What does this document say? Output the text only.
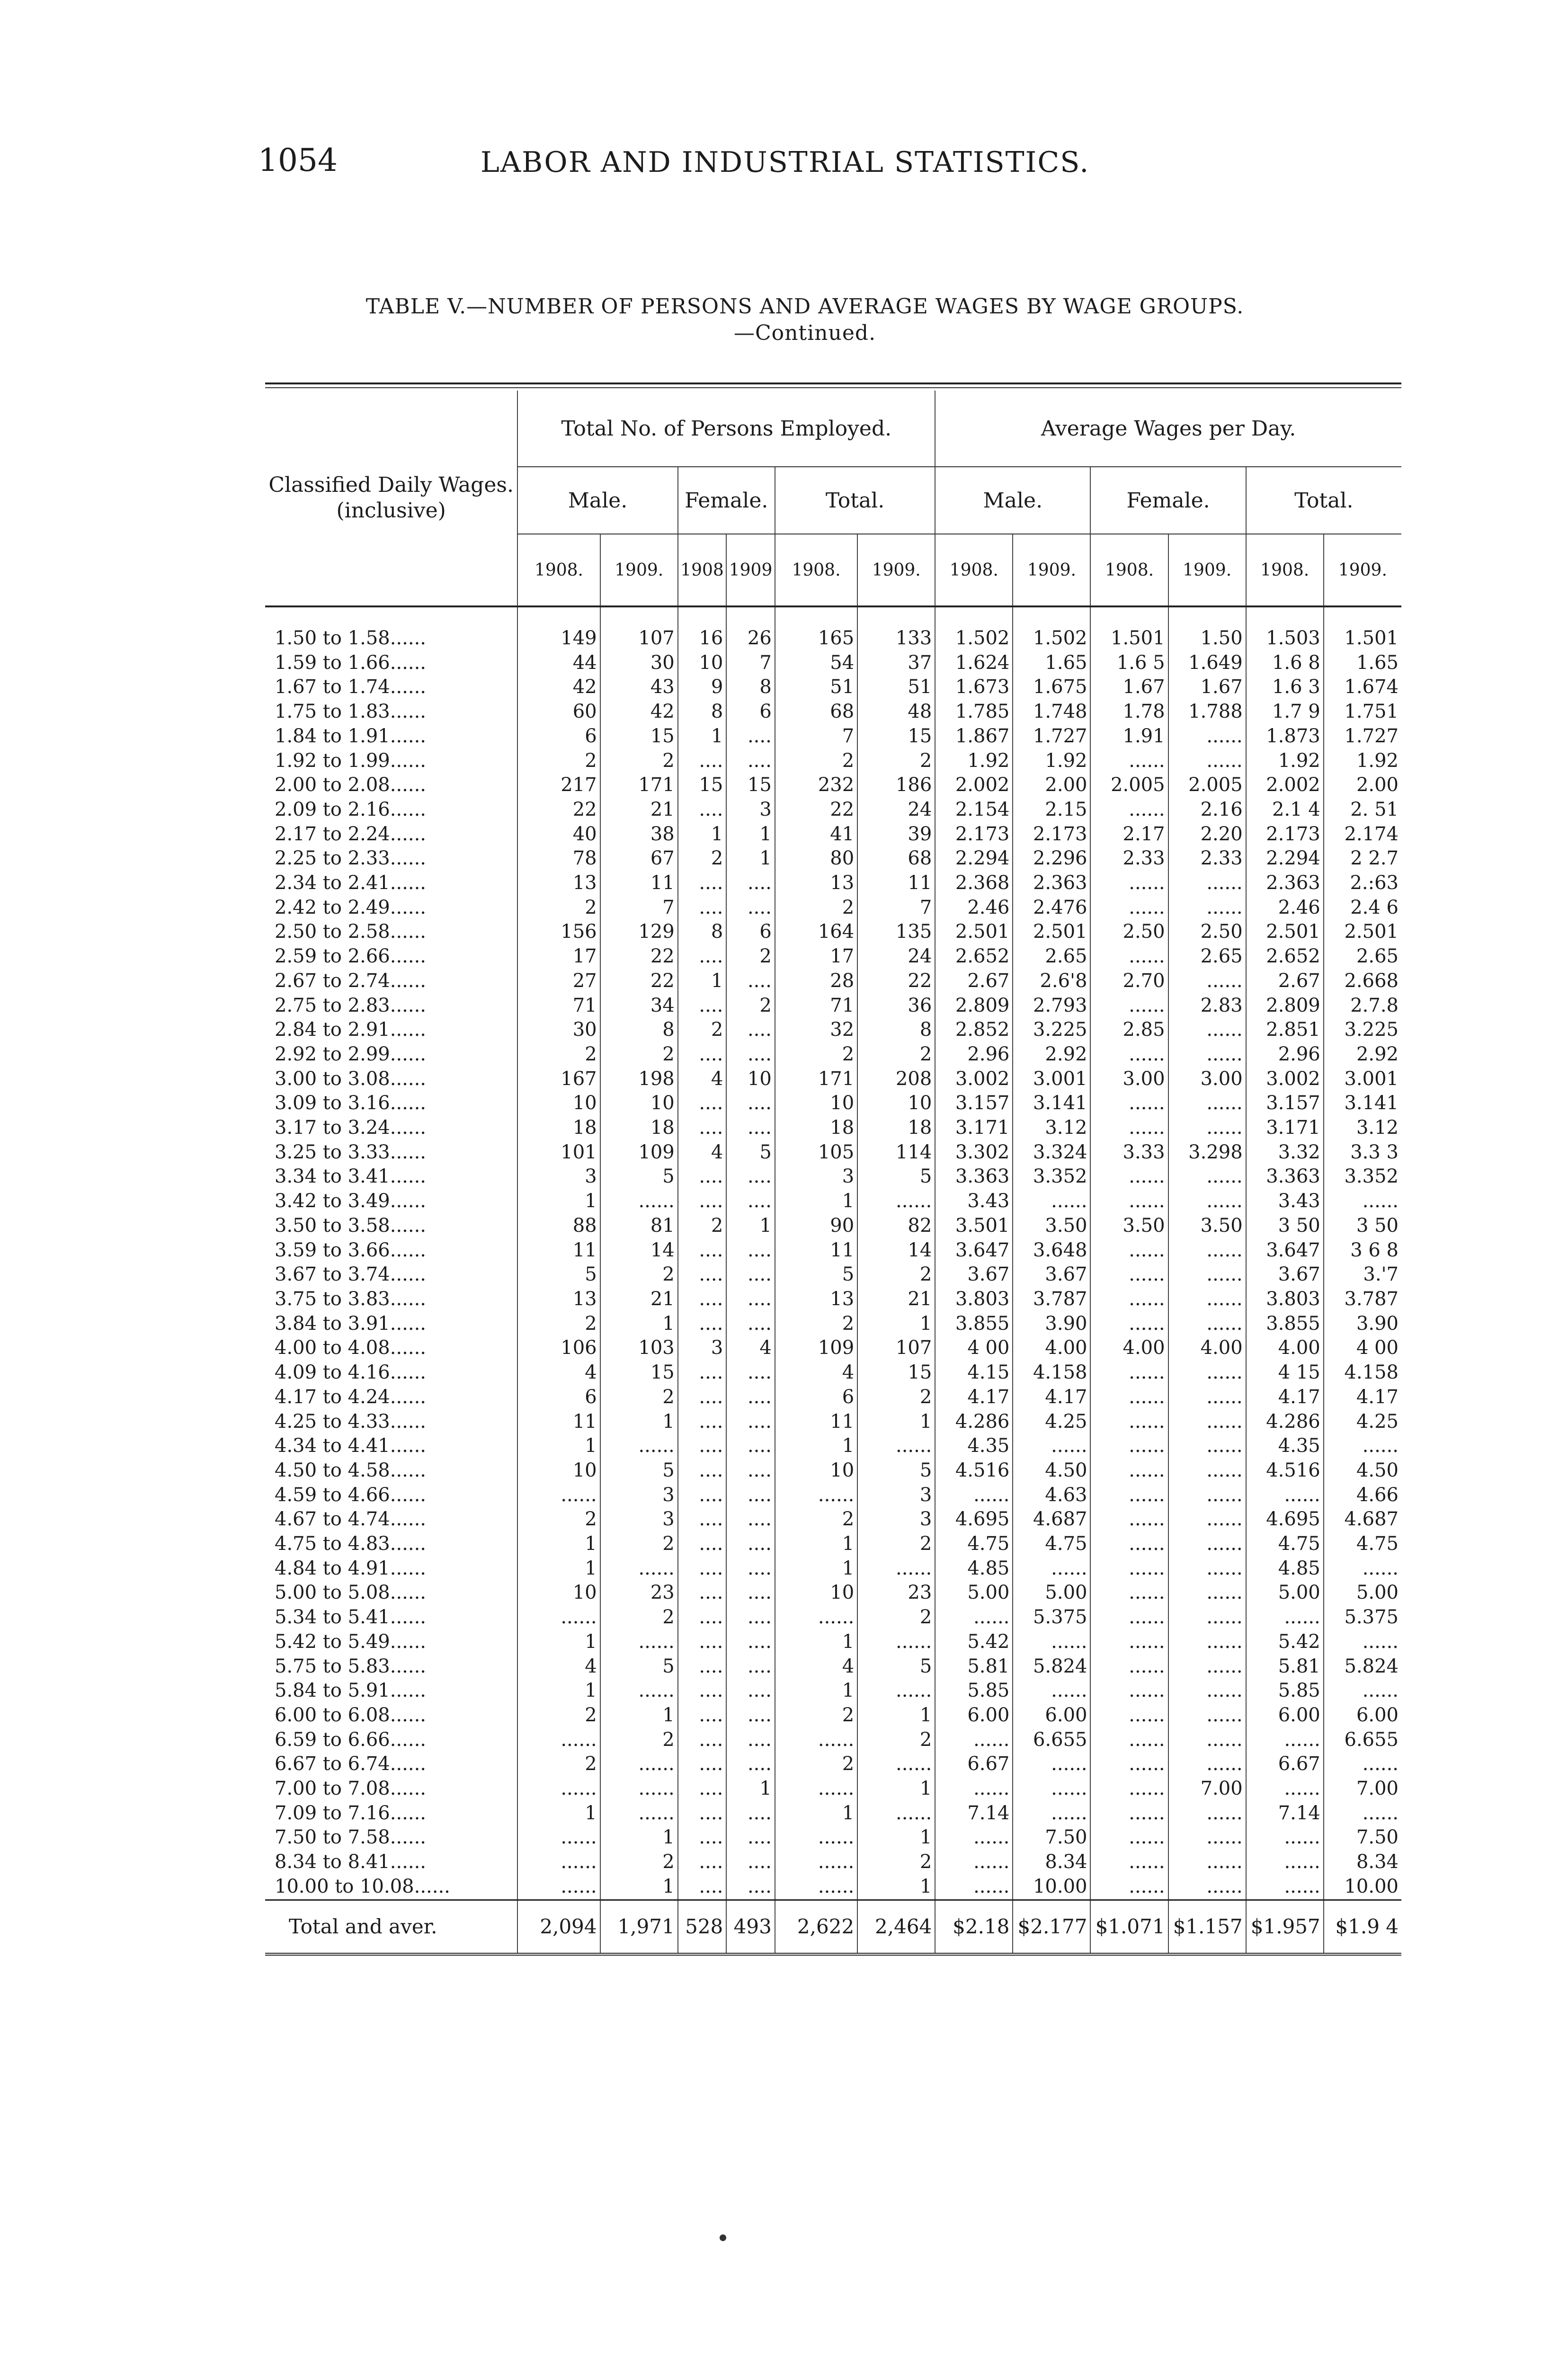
1054	LABOR AND INDUSTRIAL STATISTICS.
TABLE V.—NUMBER OF PERSONS AND AVERAGE WAGES BY WAGE GROUPS.
—Continued.
Classified Daily Wages. (inclusive)	Total No. of Persons Employed.						Average Wages per Day.					
	Male.		Female.		Total.		Male.		Female.		Total.	
	1908.	1909.	1908	1909	1908.	1909.	1908.	1909.	1908.	1909.	1908.	1909.
1.50 to 1.58......	149	107	16	26	165	133	1.502	1.502	1.501	1.50	1.503	1.501
1.59 to 1.66......	44	30	10	7	54	37	1.624	1.65	1.6 5	1.649	1.6 8	1.65
1.67 to 1.74......	42	43	9	8	51	51	1.673	1.675	1.67	1.67	1.6 3	1.674
1.75 to 1.83......	60	42	8	6	68	48	1.785	1.748	1.78	1.788	1.7 9	1.751
1.84 to 1.91......	6	15	1	....	7	15	1.867	1.727	1.91	......	1.873	1.727
1.92 to 1.99......	2	2	....	....	2	2	1.92	1.92	......	......	1.92	1.92
2.00 to 2.08......	217	171	15	15	232	186	2.002	2.00	2.005	2.005	2.002	2.00
2.09 to 2.16......	22	21	....	3	22	24	2.154	2.15	......	2.16	2.1 4	2. 51
2.17 to 2.24......	40	38	1	1	41	39	2.173	2.173	2.17	2.20	2.173	2.174
2.25 to 2.33......	78	67	2	1	80	68	2.294	2.296	2.33	2.33	2.294	2 2.7
2.34 to 2.41......	13	11	....	....	13	11	2.368	2.363	......	......	2.363	2.:63
2.42 to 2.49......	2	7	....	....	2	7	2.46	2.476	......	......	2.46	2.4 6
2.50 to 2.58......	156	129	8	6	164	135	2.501	2.501	2.50	2.50	2.501	2.501
2.59 to 2.66......	17	22	....	2	17	24	2.652	2.65	......	2.65	2.652	2.65
2.67 to 2.74......	27	22	1	....	28	22	2.67	2.6'8	2.70	......	2.67	2.668
2.75 to 2.83......	71	34	....	2	71	36	2.809	2.793	......	2.83	2.809	2.7.8
2.84 to 2.91......	30	8	2	....	32	8	2.852	3.225	2.85	......	2.851	3.225
2.92 to 2.99......	2	2	....	....	2	2	2.96	2.92	......	......	2.96	2.92
3.00 to 3.08......	167	198	4	10	171	208	3.002	3.001	3.00	3.00	3.002	3.001
3.09 to 3.16......	10	10	....	....	10	10	3.157	3.141	......	......	3.157	3.141
3.17 to 3.24......	18	18	....	....	18	18	3.171	3.12	......	......	3.171	3.12
3.25 to 3.33......	101	109	4	5	105	114	3.302	3.324	3.33	3.298	3.32	3.3 3
3.34 to 3.41......	3	5	....	....	3	5	3.363	3.352	......	......	3.363	3.352
3.42 to 3.49......	1	......	....	....	1	......	3.43	......	......	......	3.43	......
3.50 to 3.58......	88	81	2	1	90	82	3.501	3.50	3.50	3.50	3 50	3 50
3.59 to 3.66......	11	14	....	....	11	14	3.647	3.648	......	......	3.647	3 6 8
3.67 to 3.74......	5	2	....	....	5	2	3.67	3.67	......	......	3.67	3.'7
3.75 to 3.83......	13	21	....	....	13	21	3.803	3.787	......	......	3.803	3.787
3.84 to 3.91......	2	1	....	....	2	1	3.855	3.90	......	......	3.855	3.90
4.00 to 4.08......	106	103	3	4	109	107	4 00	4.00	4.00	4.00	4.00	4 00
4.09 to 4.16......	4	15	....	....	4	15	4.15	4.158	......	......	4 15	4.158
4.17 to 4.24......	6	2	....	....	6	2	4.17	4.17	......	......	4.17	4.17
4.25 to 4.33......	11	1	....	....	11	1	4.286	4.25	......	......	4.286	4.25
4.34 to 4.41......	1	......	....	....	1	......	4.35	......	......	......	4.35	......
4.50 to 4.58......	10	5	....	....	10	5	4.516	4.50	......	......	4.516	4.50
4.59 to 4.66......	......	3	....	....	......	3	......	4.63	......	......	......	4.66
4.67 to 4.74......	2	3	....	....	2	3	4.695	4.687	......	......	4.695	4.687
4.75 to 4.83......	1	2	....	....	1	2	4.75	4.75	......	......	4.75	4.75
4.84 to 4.91......	1	......	....	....	1	......	4.85	......	......	......	4.85	......
5.00 to 5.08......	10	23	....	....	10	23	5.00	5.00	......	......	5.00	5.00
5.34 to 5.41......	......	2	....	....	......	2	......	5.375	......	......	......	5.375
5.42 to 5.49......	1	......	....	....	1	......	5.42	......	......	......	5.42	......
5.75 to 5.83......	4	5	....	....	4	5	5.81	5.824	......	......	5.81	5.824
5.84 to 5.91......	1	......	....	....	1	......	5.85	......	......	......	5.85	......
6.00 to 6.08......	2	1	....	....	2	1	6.00	6.00	......	......	6.00	6.00
6.59 to 6.66......	......	2	....	....	......	2	......	6.655	......	......	......	6.655
6.67 to 6.74......	2	......	....	....	2	......	6.67	......	......	......	6.67	......
7.00 to 7.08......	......	......	....	1	......	1	......	......	......	7.00	......	7.00
7.09 to 7.16......	1	......	....	....	1	......	7.14	......	......	......	7.14	......
7.50 to 7.58......	......	1	....	....	......	1	......	7.50	......	......	......	7.50
8.34 to 8.41......	......	2	....	....	......	2	......	8.34	......	......	......	8.34
10.00 to 10.08......	......	1	....	....	......	1	......	10.00	......	......	......	10.00
Total and aver.	2,094	1,971	528	493	2,622	2,464	$2.18	$2.177	$1.071	$1.157	$1.957	$1.9 4
